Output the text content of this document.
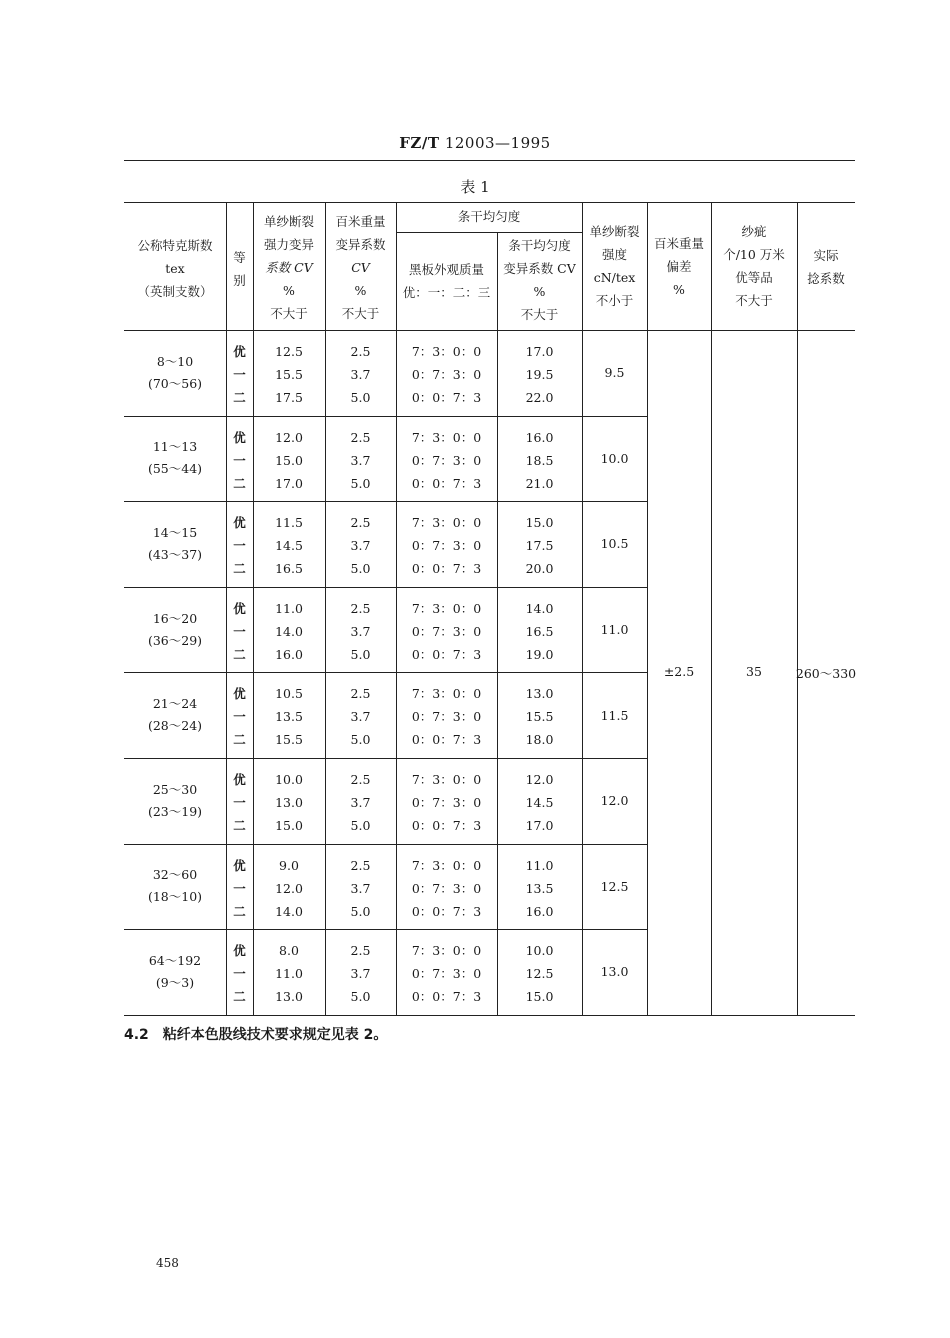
FZ/T 12003—1995
表 1
公称特克斯数
tex
（英制支数）
等
别
单纱断裂
强力变异
系数 CV
%
不大于
百米重量
变异系数
CV
%
不大于
条干均匀度
黑板外观质量
优：一：二：三
条干均匀度
变异系数 CV
%
不大于
单纱断裂
强度
cN/tex
不小于
百米重量
偏差
%
纱疵
个/10 万米
优等品
不大于
实际
捻系数
8～10
(70～56)
优
一
二
12.5
15.5
17.5
2.5
3.7
5.0
7：3：0：0
0：7：3：0
0：0：7：3
17.0
19.5
22.0
9.5
11～13
(55～44)
优
一
二
12.0
15.0
17.0
2.5
3.7
5.0
7：3：0：0
0：7：3：0
0：0：7：3
16.0
18.5
21.0
10.0
14～15
(43～37)
优
一
二
11.5
14.5
16.5
2.5
3.7
5.0
7：3：0：0
0：7：3：0
0：0：7：3
15.0
17.5
20.0
10.5
16～20
(36～29)
优
一
二
11.0
14.0
16.0
2.5
3.7
5.0
7：3：0：0
0：7：3：0
0：0：7：3
14.0
16.5
19.0
11.0
21～24
(28～24)
优
一
二
10.5
13.5
15.5
2.5
3.7
5.0
7：3：0：0
0：7：3：0
0：0：7：3
13.0
15.5
18.0
11.5
25～30
(23～19)
优
一
二
10.0
13.0
15.0
2.5
3.7
5.0
7：3：0：0
0：7：3：0
0：0：7：3
12.0
14.5
17.0
12.0
32～60
(18～10)
优
一
二
9.0
12.0
14.0
2.5
3.7
5.0
7：3：0：0
0：7：3：0
0：0：7：3
11.0
13.5
16.0
12.5
64～192
(9～3)
优
一
二
8.0
11.0
13.0
2.5
3.7
5.0
7：3：0：0
0：7：3：0
0：0：7：3
10.0
12.5
15.0
13.0
±2.5	35	260～330
4.2　粘纤本色股线技术要求规定见表 2。
458
